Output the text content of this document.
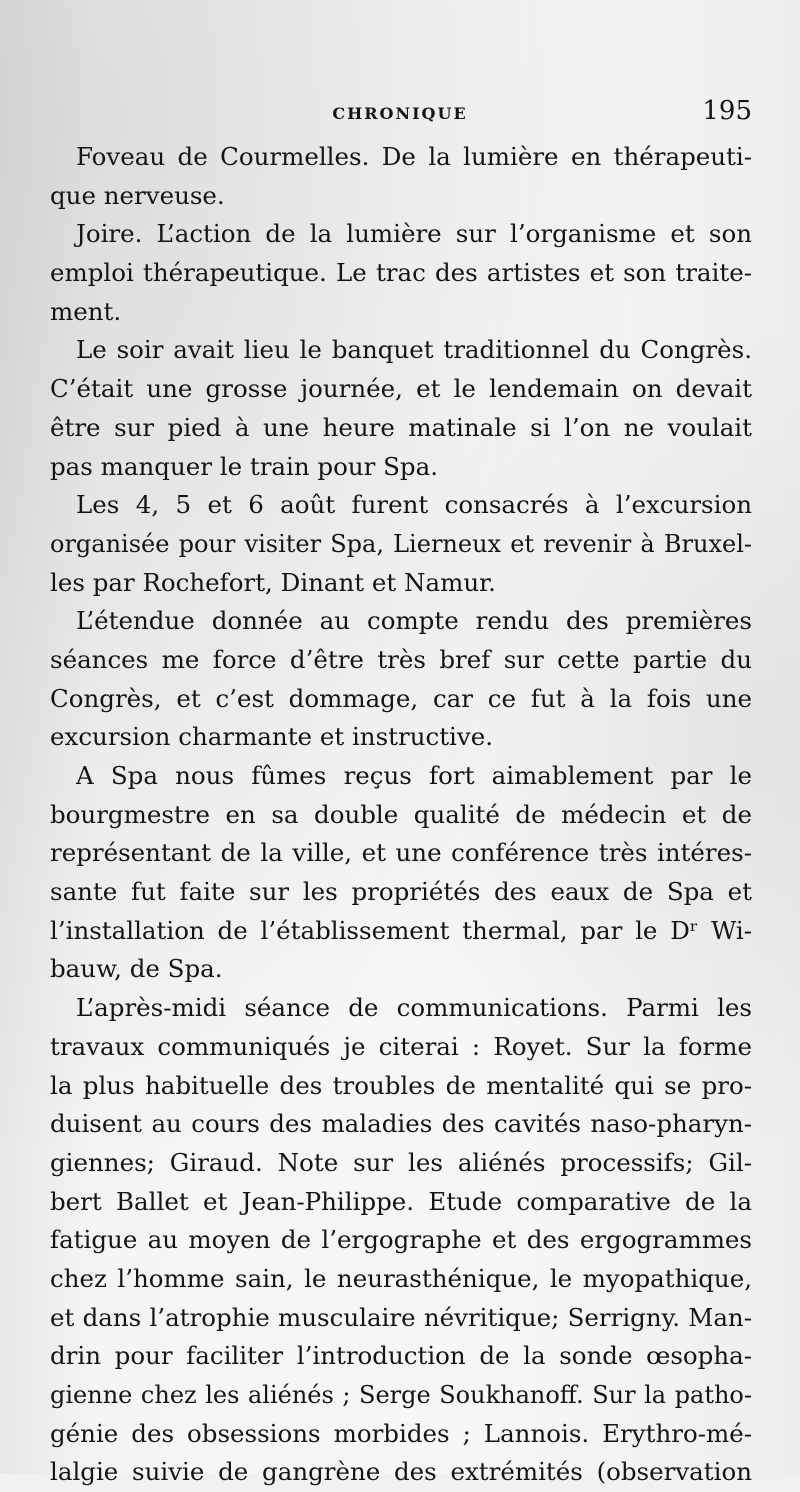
CHRONIQUE	195
Foveau de Courmelles. De la lumière en thérapeuti-
que nerveuse.
Joire. L’action de la lumière sur l’organisme et son
emploi thérapeutique. Le trac des artistes et son traite-
ment.
Le soir avait lieu le banquet traditionnel du Congrès.
C’était une grosse journée, et le lendemain on devait
être sur pied à une heure matinale si l’on ne voulait
pas manquer le train pour Spa.
Les 4, 5 et 6 août furent consacrés à l’excursion
organisée pour visiter Spa, Lierneux et revenir à Bruxel-
les par Rochefort, Dinant et Namur.
L’étendue donnée au compte rendu des premières
séances me force d’être très bref sur cette partie du
Congrès, et c’est dommage, car ce fut à la fois une
excursion charmante et instructive.
A Spa nous fûmes reçus fort aimablement par le
bourgmestre en sa double qualité de médecin et de
représentant de la ville, et une conférence très intéres-
sante fut faite sur les propriétés des eaux de Spa et
l’installation de l’établissement thermal, par le Dʳ Wi-
bauw, de Spa.
L’après-midi séance de communications. Parmi les
travaux communiqués je citerai : Royet. Sur la forme
la plus habituelle des troubles de mentalité qui se pro-
duisent au cours des maladies des cavités naso-pharyn-
giennes; Giraud. Note sur les aliénés processifs; Gil-
bert Ballet et Jean-Philippe. Etude comparative de la
fatigue au moyen de l’ergographe et des ergogrammes
chez l’homme sain, le neurasthénique, le myopathique,
et dans l’atrophie musculaire névritique; Serrigny. Man-
drin pour faciliter l’introduction de la sonde œsopha-
gienne chez les aliénés ; Serge Soukhanoff. Sur la patho-
génie des obsessions morbides ; Lannois. Erythro-mé-
lalgie suivie de gangrène des extrémités (observation
